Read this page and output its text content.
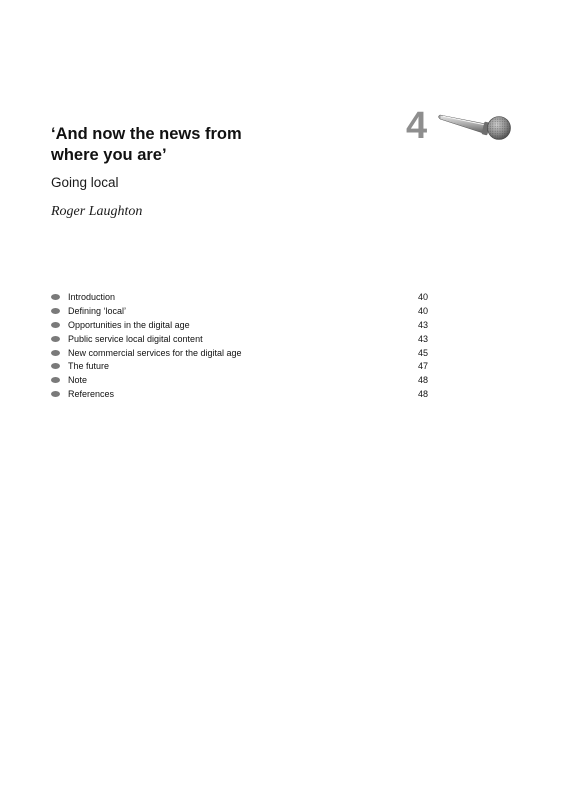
4
‘And now the news from
where you are’
Going local

Roger Laughton

Introduction	40
Defining ‘local’	40
Opportunities in the digital age	43
Public service local digital content	43
New commercial services for the digital age	45
The future	47
Note	48
References	48
